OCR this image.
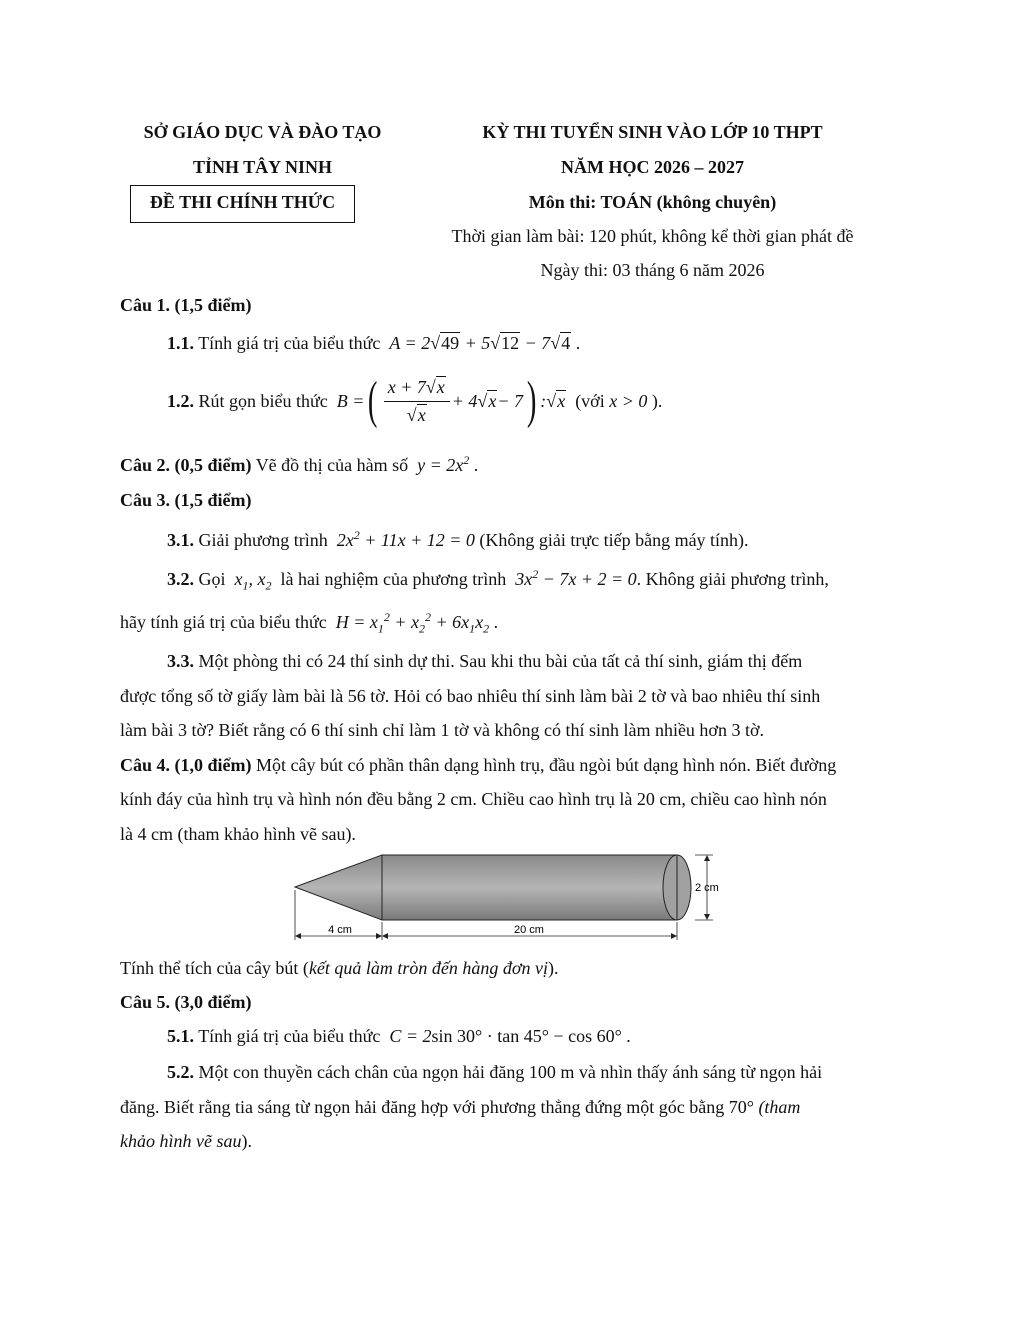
SỞ GIÁO DỤC VÀ ĐÀO TẠO
TỈNH TÂY NINH
ĐỀ THI CHÍNH THỨC
KỲ THI TUYỂN SINH VÀO LỚP 10 THPT
NĂM HỌC 2026 – 2027
Môn thi: TOÁN (không chuyên)
Thời gian làm bài: 120 phút, không kể thời gian phát đề
Ngày thi: 03 tháng 6 năm 2026
Câu 1. (1,5 điểm)
1.1. Tính giá trị của biểu thức  A = 2√49 + 5√12 − 7√4 .
1.2.
Rút gọn biểu thức
B = ( $\frac{x + 7√x}{√x} + 4$ √ x − 7 ) : √ x
(với
x > 0
).
Câu 2. (0,5 điểm) Vẽ đồ thị của hàm số  $y = 2x^2$ .
Câu 3. (1,5 điểm)
3.1. Giải phương trình  $2x^2 + 11x + 12 = 0$ (Không giải trực tiếp bằng máy tính).
3.2. Gọi  $x_1$, $x_2$ là hai nghiệm của phương trình  $3x^2 - 7x + 2 = 0$. Không giải phương trình,
hãy tính giá trị của biểu thức  $H = x_1^2 + x_2^2 + 6x_1x_2$ .
3.3. Một phòng thi có 24 thí sinh dự thi. Sau khi thu bài của tất cả thí sinh, giám thị đếm
được tổng số tờ giấy làm bài là 56 tờ. Hỏi có bao nhiêu thí sinh làm bài 2 tờ và bao nhiêu thí sinh
làm bài 3 tờ? Biết rằng có 6 thí sinh chỉ làm 1 tờ và không có thí sinh làm nhiều hơn 3 tờ.
Câu 4. (1,0 điểm) Một cây bút có phần thân dạng hình trụ, đầu ngòi bút dạng hình nón. Biết đường
kính đáy của hình trụ và hình nón đều bằng 2 cm. Chiều cao hình trụ là 20 cm, chiều cao hình nón
là 4 cm (tham khảo hình vẽ sau).
4 cm	20 cm
2 cm
Tính thể tích của cây bút (kết quả làm tròn đến hàng đơn vị).
Câu 5. (3,0 điểm)
5.1. Tính giá trị của biểu thức  C = 2sin 30° · tan 45° − cos 60° .
5.2. Một con thuyền cách chân của ngọn hải đăng 100 m và nhìn thấy ánh sáng từ ngọn hải
đăng. Biết rằng tia sáng từ ngọn hải đăng hợp với phương thẳng đứng một góc bằng 70° (tham
khảo hình vẽ sau).
